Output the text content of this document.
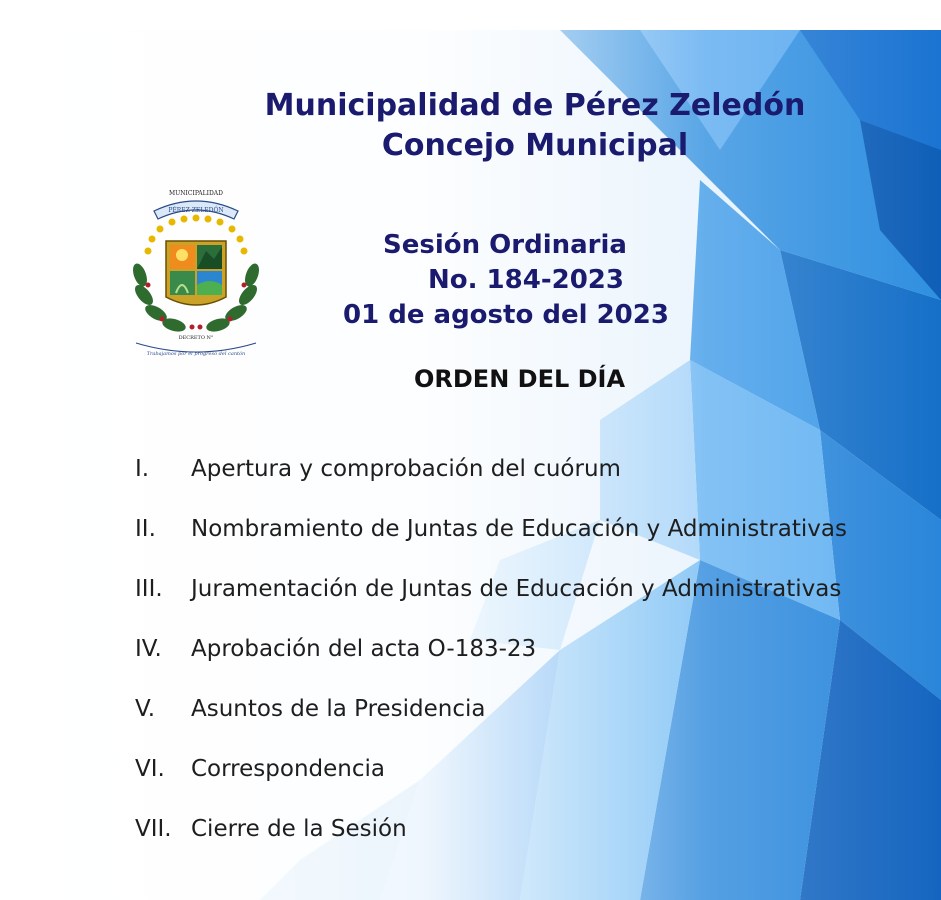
Municipalidad de Pérez Zeledón
Concejo Municipal
MUNICIPALIDAD
PÉREZ ZELEDÓN
DECRETO N°
Trabajamos por el progreso del cantón
Sesión Ordinaria
No. 184-2023
01 de agosto del 2023
ORDEN DEL DÍA
I. Apertura y comprobación del cuórum
II. Nombramiento de Juntas de Educación y Administrativas
III. Juramentación de Juntas de Educación y Administrativas
IV. Aprobación del acta O-183-23
V. Asuntos de la Presidencia
VI. Correspondencia
VII. Cierre de la Sesión
